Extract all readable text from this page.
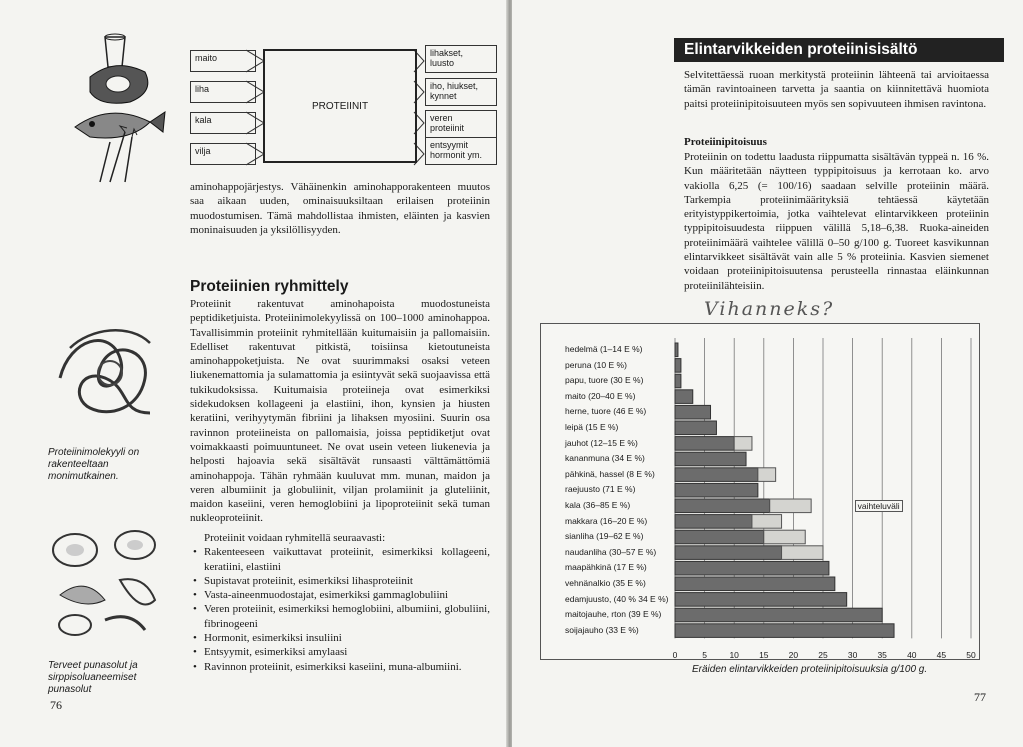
maito
liha
kala
vilja
PROTEIINIT
lihakset,
luusto
iho, hiukset,
kynnet
veren
proteiinit
entsyymit
hormonit ym.

aminohappojärjestys. Vähäinenkin aminohapporakenteen muutos saa aikaan uuden, ominaisuuksiltaan erilaisen proteiinin muodostumisen. Tämä mahdollistaa ihmisten, eläinten ja kasvien moninaisuuden ja yksilöllisyyden.

Proteiinien ryhmittely

Proteiinit rakentuvat aminohapoista muodostuneista peptidiketjuista. Proteiinimolekyylissä on 100–1000 aminohappoa. Tavallisimmin proteiinit ryhmitellään kuitumaisiin ja pallomaisiin. Edelliset rakentuvat pitkistä, toisiinsa kietoutuneista aminohappoketjuista. Ne ovat suurimmaksi osaksi veteen liukenemattomia ja sulamattomia ja esiintyvät sekä suojaavissa että tukikudoksissa. Kuitumaisia proteiineja ovat esimerkiksi sidekudoksen kollageeni ja elastiini, ihon, kynsien ja hiusten keratiini, verihyytymän fibriini ja lihaksen myosiini. Suurin osa ravinnon proteiineista on pallomaisia, joissa peptidiketjut ovat voimakkaasti poimuuntuneet. Ne ovat usein veteen liukenevia ja helposti hajoavia sekä sisältävät runsaasti välttämättömiä aminohappoja. Tähän ryhmään kuuluvat mm. munan, maidon ja veren albumiinit ja globuliinit, viljan prolamiinit ja gluteliinit, maidon kaseiini, veren hemoglobiini ja lipoproteiinit sekä tuman nukleoproteiinit.

Proteiinit voidaan ryhmitellä seuraavasti:
• Rakenteeseen vaikuttavat proteiinit, esimerkiksi kollageeni, keratiini, elastiini
• Supistavat proteiinit, esimerkiksi lihasproteiinit
• Vasta-aineenmuodostajat, esimerkiksi gammaglobuliini
• Veren proteiinit, esimerkiksi hemoglobiini, albumiini, globuliini, fibrinogeeni
• Hormonit, esimerkiksi insuliini
• Entsyymit, esimerkiksi amylaasi
• Ravinnon proteiinit, esimerkiksi kaseiini, muna-albumiini.
Proteiinimolekyyli on rakenteeltaan monimutkainen.
Terveet punasolut ja sirppisoluaneemiset punasolut
76
Elintarvikkeiden proteiinisisältö

Selvitettäessä ruoan merkitystä proteiinin lähteenä tai arvioitaessa tämän ravintoaineen tarvetta ja saantia on kiinnitettävä huomiota paitsi proteiinipitoisuuteen myös sen sopivuuteen ihmisen ravintona.

Proteiinipitoisuus

Proteiinin on todettu laadusta riippumatta sisältävän typpeä n. 16 %. Kun määritetään näytteen typpipitoisuus ja kerrotaan ko. arvo vakiolla 6,25 (= 100/16) saadaan selville proteiinin määrä. Tarkempia proteiinimäärityksiä tehtäessä käytetään erityistyppikertoimia, jotka vaihtelevat elintarvikkeen proteiinin typpipitoisuudesta riippuen välillä 5,18–6,38. Ruoka-aineiden proteiinimäärä vaihtelee välillä 0–50 g/100 g. Tuoreet kasvikunnan elintarvikkeet sisältävät vain alle 5 % proteiinia. Kasvien siemenet voidaan proteiinipitoisuutensa perusteella rinnastaa eläinkunnan proteiinilähteisiin.

Vihanneks?
Eräiden elintarvikkeiden proteiinipitoisuuksia g/100 g.
77
hedelmä (1–14 E %)
peruna (10 E %)
papu, tuore (30 E %)
maito (20–40 E %)
herne, tuore (46 E %)
leipä (15 E %)
jauhot (12–15 E %)
kananmuna (34 E %)
pähkinä, hassel (8 E %)
raejuusto (71 E %)
kala (36–85 E %)
makkara (16–20 E %)
sianliha (19–62 E %)
naudanliha (30–57 E %)
maapähkinä (17 E %)
vehnänalkio (35 E %)
edamjuusto, (40 % 34 E %)
maitojauhe, rton (39 E %)
soijajauho (33 E %)
0	5	10 15 20 25 30 35 40 45 50
vaihteluväli
